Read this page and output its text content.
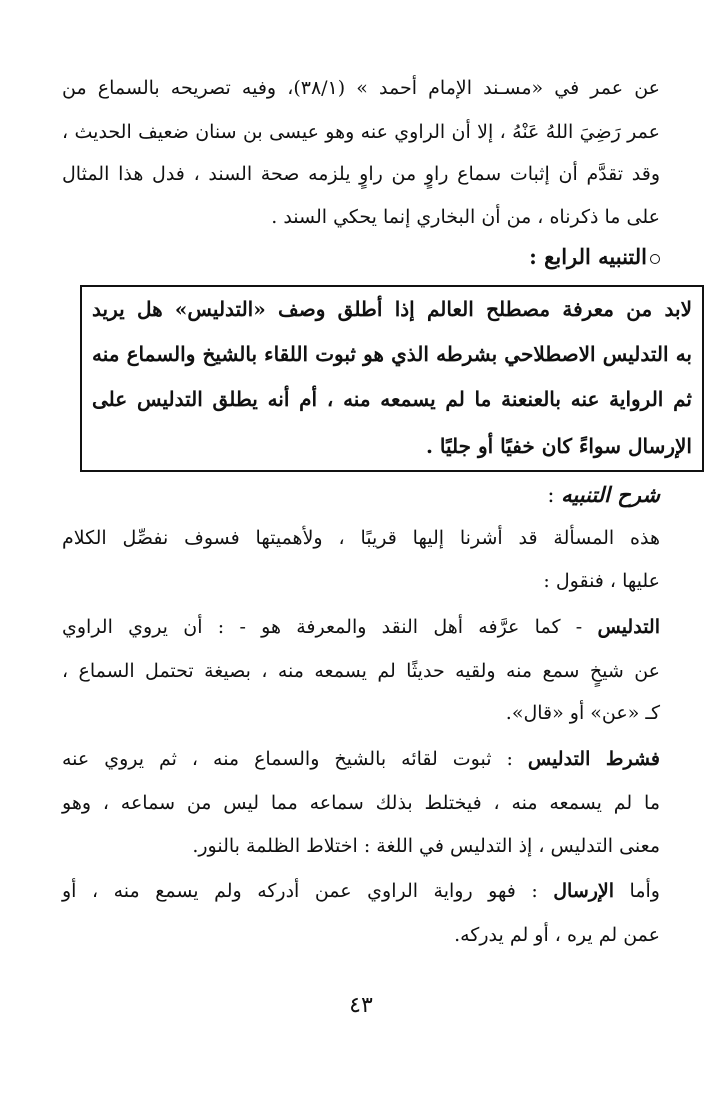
عن عمر في «مسـند الإمام أحمد » (٣٨/١)، وفيه تصريحه بالسماع من
عمر رَضِيَ اللهُ عَنْهُ ، إلا أن الراوي عنه وهو عيسى بن سنان ضعيف الحديث ،
وقد تقدَّم أن إثبات سماع راوٍ من راوٍ يلزمه صحة السند ، فدل هذا المثال
على ما ذكرناه ، من أن البخاري إنما يحكي السند .
التنبيه الرابع :
لابد من معرفة مصطلح العالم إذا أطلق وصف «التدليس» هل يريد
به التدليس الاصطلاحي بشرطه الذي هو ثبوت اللقاء بالشيخ والسماع منه
ثم الرواية عنه بالعنعنة ما لم يسمعه منه ، أم أنه يطلق التدليس على
الإرسال سواءً كان خفيًا أو جليًا .
شرح التنبيه :
هذه المسألة قد أشرنا إليها قريبًا ، ولأهميتها فسوف نفصِّل الكلام
عليها ، فنقول :
التدليس - كما عرَّفه أهل النقد والمعرفة هو - : أن يروي الراوي
عن شيخٍ سمع منه ولقيه حديثًا لم يسمعه منه ، بصيغة تحتمل السماع ،
كـ «عن» أو «قال».
فشرط التدليس : ثبوت لقائه بالشيخ والسماع منه ، ثم يروي عنه
ما لم يسمعه منه ، فيختلط بذلك سماعه مما ليس من سماعه ، وهو
معنى التدليس ، إذ التدليس في اللغة : اختلاط الظلمة بالنور.
وأما الإرسال : فهو رواية الراوي عمن أدركه ولم يسمع منه ، أو
عمن لم يره ، أو لم يدركه.
٤٣
